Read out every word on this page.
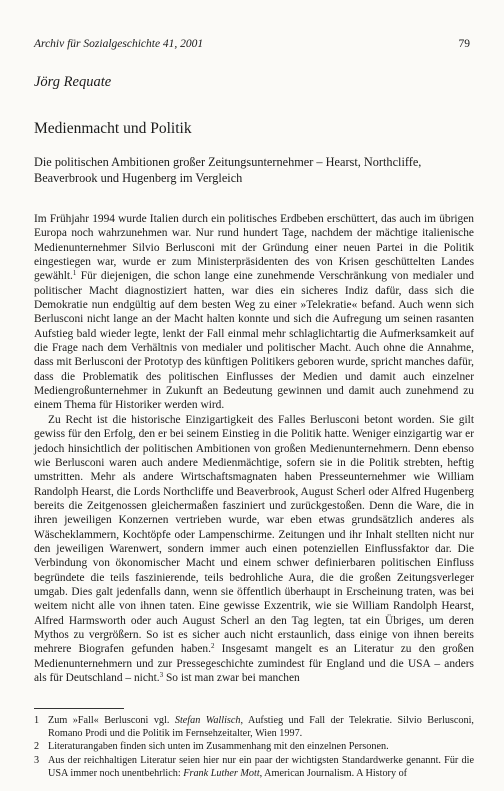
Archiv für Sozialgeschichte 41, 2001	79
Jörg Requate
Medienmacht und Politik
Die politischen Ambitionen großer Zeitungsunternehmer – Hearst, Northcliffe, Beaverbrook und Hugenberg im Vergleich

Im Frühjahr 1994 wurde Italien durch ein politisches Erdbeben erschüttert, das auch im übrigen Europa noch wahrzunehmen war. Nur rund hundert Tage, nachdem der mächtige italienische Medienunternehmer Silvio Berlusconi mit der Gründung einer neuen Partei in die Politik eingestiegen war, wurde er zum Ministerpräsidenten des von Krisen geschüttelten Landes gewählt.$^1$ Für diejenigen, die schon lange eine zunehmende Verschränkung von medialer und politischer Macht diagnostiziert hatten, war dies ein sicheres Indiz dafür, dass sich die Demokratie nun endgültig auf dem besten Weg zu einer »Telekratie« befand. Auch wenn sich Berlusconi nicht lange an der Macht halten konnte und sich die Aufregung um seinen rasanten Aufstieg bald wieder legte, lenkt der Fall einmal mehr schlaglichtartig die Aufmerksamkeit auf die Frage nach dem Verhältnis von medialer und politischer Macht. Auch ohne die Annahme, dass mit Berlusconi der Prototyp des künftigen Politikers geboren wurde, spricht manches dafür, dass die Problematik des politischen Einflusses der Medien und damit auch einzelner Mediengroßunternehmer in Zukunft an Bedeutung gewinnen und damit auch zunehmend zu einem Thema für Historiker werden wird.

Zu Recht ist die historische Einzigartigkeit des Falles Berlusconi betont worden. Sie gilt gewiss für den Erfolg, den er bei seinem Einstieg in die Politik hatte. Weniger einzigartig war er jedoch hinsichtlich der politischen Ambitionen von großen Medienunternehmern. Denn ebenso wie Berlusconi waren auch andere Medienmächtige, sofern sie in die Politik strebten, heftig umstritten. Mehr als andere Wirtschaftsmagnaten haben Presseunternehmer wie William Randolph Hearst, die Lords Northcliffe und Beaverbrook, August Scherl oder Alfred Hugenberg bereits die Zeitgenossen gleichermaßen fasziniert und zurückgestoßen. Denn die Ware, die in ihren jeweiligen Konzernen vertrieben wurde, war eben etwas grundsätzlich anderes als Wäscheklammern, Kochtöpfe oder Lampenschirme. Zeitungen und ihr Inhalt stellten nicht nur den jeweiligen Warenwert, sondern immer auch einen potenziellen Einflussfaktor dar. Die Verbindung von ökonomischer Macht und einem schwer definierbaren politischen Einfluss begründete die teils faszinierende, teils bedrohliche Aura, die die großen Zeitungsverleger umgab. Dies galt jedenfalls dann, wenn sie öffentlich überhaupt in Erscheinung traten, was bei weitem nicht alle von ihnen taten. Eine gewisse Exzentrik, wie sie William Randolph Hearst, Alfred Harmsworth oder auch August Scherl an den Tag legten, tat ein Übriges, um deren Mythos zu vergrößern. So ist es sicher auch nicht erstaunlich, dass einige von ihnen bereits mehrere Biografen gefunden haben.$^2$ Insgesamt mangelt es an Literatur zu den großen Medienunternehmern und zur Pressegeschichte zumindest für England und die USA – anders als für Deutschland – nicht.$^3$ So ist man zwar bei manchen

1 Zum »Fall« Berlusconi vgl. Stefan Wallisch, Aufstieg und Fall der Telekratie. Silvio Berlusconi, Romano Prodi und die Politik im Fernsehzeitalter, Wien 1997.
2 Literaturangaben finden sich unten im Zusammenhang mit den einzelnen Personen.
3 Aus der reichhaltigen Literatur seien hier nur ein paar der wichtigsten Standardwerke genannt. Für die USA immer noch unentbehrlich: Frank Luther Mott, American Journalism. A History of
